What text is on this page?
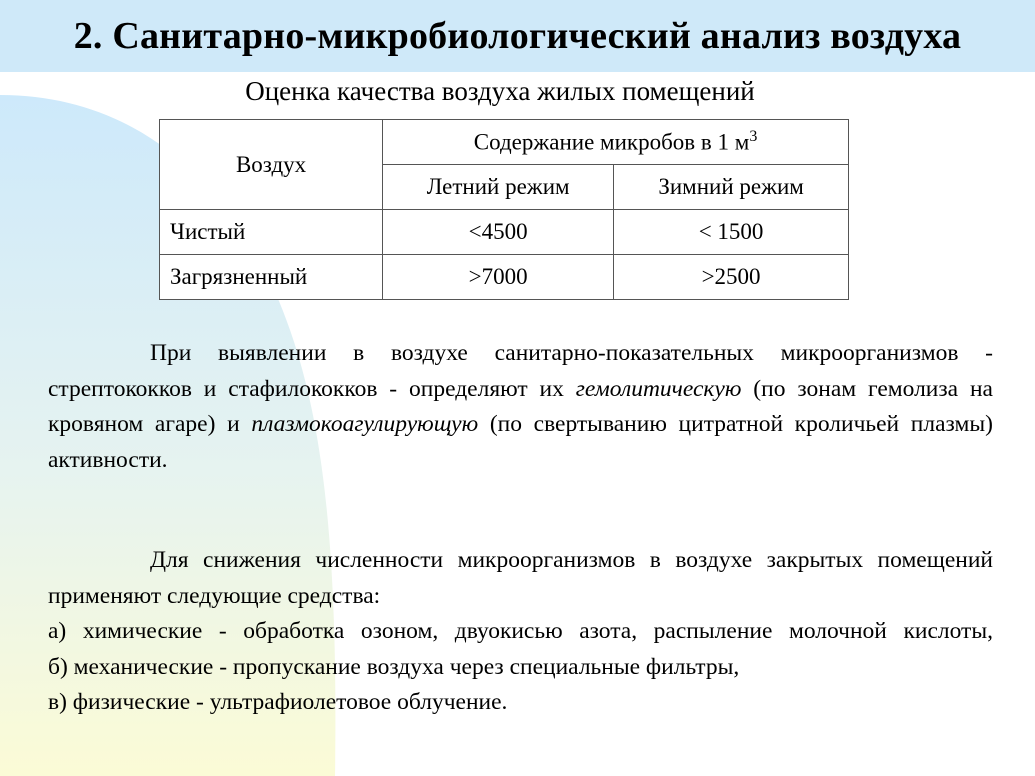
2. Санитарно-микробиологический анализ воздуха
Оценка качества воздуха жилых помещений
Воздух	Содержание микробов в 1 $м^3$
	Летний режим	Зимний режим
Чистый	<4500	< 1500
Загрязненный	>7000	>2500
При выявлении в воздухе санитарно-показательных микроорганизмов - стрептококков и стафилококков - определяют их гемолитическую (по зонам гемолиза на кровяном агаре) и плазмокоагулирующую (по свертыванию цитратной кроличьей плазмы) активности.
Для снижения численности микроорганизмов в воздухе закрытых помещений применяют следующие средства:
а) химические - обработка озоном, двуокисью азота, распыление молочной кислоты,
б) механические - пропускание воздуха через специальные фильтры,
в) физические - ультрафиолетовое облучение.
